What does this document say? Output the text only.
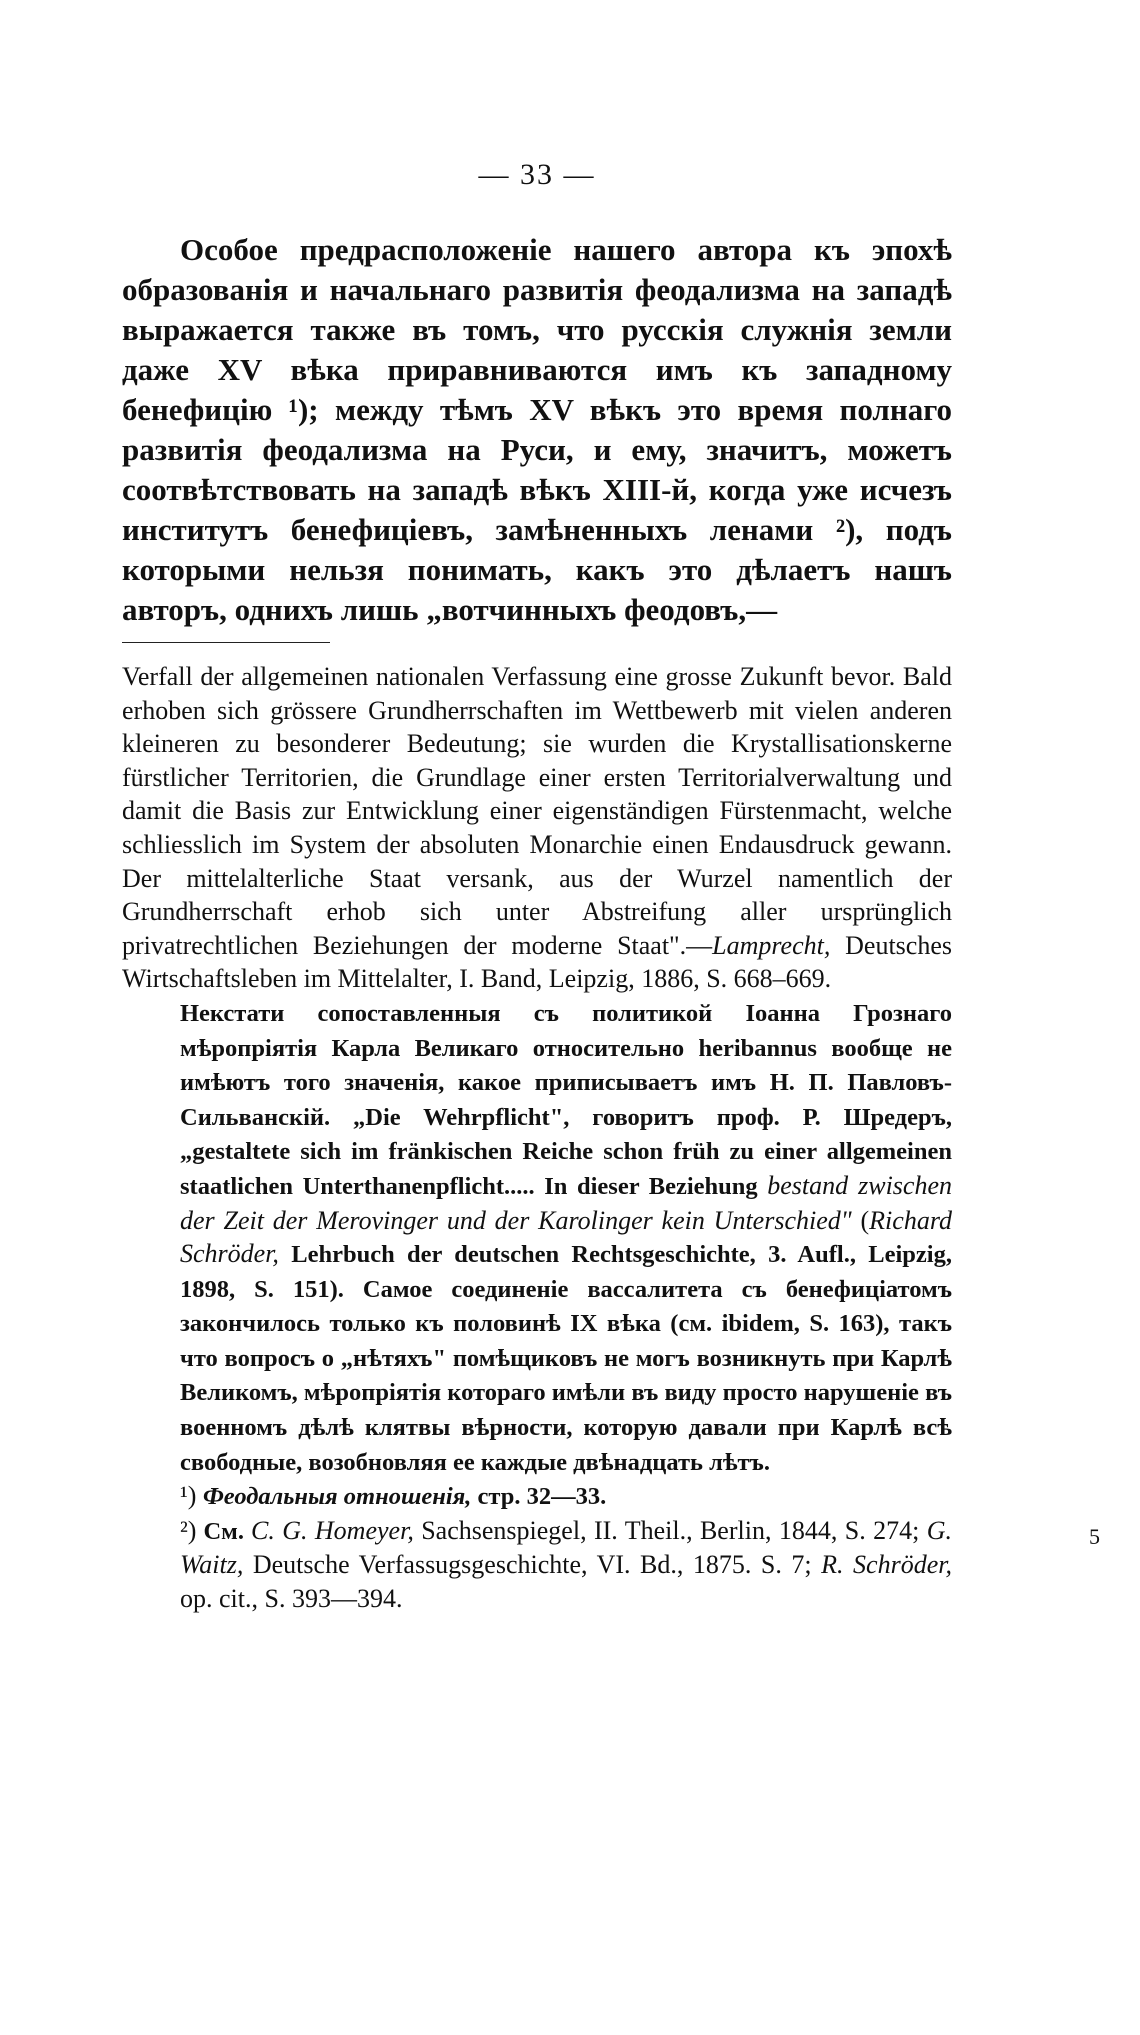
— 33 —

Особое предрасположеніе нашего автора къ эпохѣ образованія и начальнаго развитія феодализма на западѣ выражается также въ томъ, что русскія служнія земли даже XV вѣка приравниваются имъ къ западному бенефицію ¹); между тѣмъ XV вѣкъ это время полнаго развитія феодализма на Руси, и ему, значитъ, можетъ соотвѣтствовать на западѣ вѣкъ XIII-й, когда уже исчезъ институтъ бенефиціевъ, замѣненныхъ ленами ²), подъ которыми нельзя понимать, какъ это дѣлаетъ нашъ авторъ, однихъ лишь „вотчинныхъ феодовъ,—

Verfall der allgemeinen nationalen Verfassung eine grosse Zukunft bevor. Bald erhoben sich grössere Grundherrschaften im Wettbewerb mit vielen anderen kleineren zu besonderer Bedeutung; sie wurden die Krystallisationskerne fürstlicher Territorien, die Grundlage einer ersten Territorialverwaltung und damit die Basis zur Entwicklung einer eigenständigen Fürstenmacht, welche schliesslich im System der absoluten Monarchie einen Endausdruck gewann. Der mittelalterliche Staat versank, aus der Wurzel namentlich der Grundherrschaft erhob sich unter Abstreifung aller ursprünglich privatrechtlichen Beziehungen der moderne Staat".—Lamprecht, Deutsches Wirtschaftsleben im Mittelalter, I. Band, Leipzig, 1886, S. 668–669.

Некстати сопоставленныя съ политикой Іоанна Грознаго мѣропріятія Карла Великаго относительно heribannus вообще не имѣютъ того значенія, какое приписываетъ имъ Н. П. Павловъ-Сильванскій. „Die Wehrpflicht", говоритъ проф. Р. Шредеръ, „gestaltete sich im fränkischen Reiche schon früh zu einer allgemeinen staatlichen Unterthanenpflicht..... In dieser Beziehung bestand zwischen der Zeit der Merovinger und der Karolinger kein Unterschied" (Richard Schröder, Lehrbuch der deutschen Rechtsgeschichte, 3. Aufl., Leipzig, 1898, S. 151). Самое соединеніе вассалитета съ бенефиціатомъ закончилось только къ половинѣ IX вѣка (см. ibidem, S. 163), такъ что вопросъ о „нѣтяхъ" помѣщиковъ не могъ возникнуть при Карлѣ Великомъ, мѣропріятія котораго имѣли въ виду просто нарушеніе въ военномъ дѣлѣ клятвы вѣрности, которую давали при Карлѣ всѣ свободные, возобновляя ее каждые двѣнадцать лѣтъ.

¹) Феодальныя отношенія, стр. 32—33.

²) См. C. G. Homeyer, Sachsenspiegel, II. Theil., Berlin, 1844, S. 274; G. Waitz, Deutsche Verfassugsgeschichte, VI. Bd., 1875. S. 7; R. Schröder, op. cit., S. 393—394.

5
